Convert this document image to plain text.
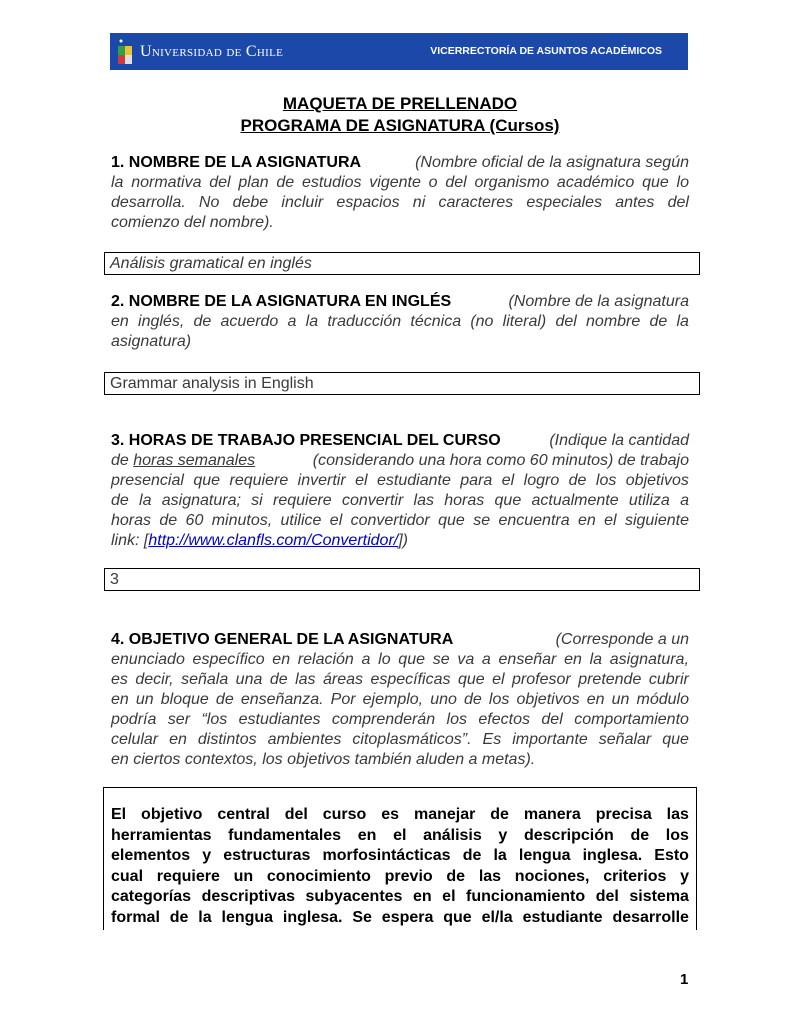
Universidad de Chile	VICERRECTORÍA DE ASUNTOS ACADÉMICOS
MAQUETA DE PRELLENADO
PROGRAMA DE ASIGNATURA (Cursos)
1. NOMBRE DE LA ASIGNATURA	(Nombre oficial de la asignatura según
la normativa del plan de estudios vigente o del organismo académico que lo
desarrolla. No debe incluir espacios ni caracteres especiales antes del
comienzo del nombre).
Análisis gramatical en inglés
2. NOMBRE DE LA ASIGNATURA EN INGLÉS	(Nombre de la asignatura
en inglés, de acuerdo a la traducción técnica (no literal) del nombre de la
asignatura)
Grammar analysis in English
3. HORAS DE TRABAJO PRESENCIAL DEL CURSO	(Indique la cantidad
de horas semanales	(considerando una hora como 60 minutos) de trabajo
presencial que requiere invertir el estudiante para el logro de los objetivos
de la asignatura; si requiere convertir las horas que actualmente utiliza a
horas de 60 minutos, utilice el convertidor que se encuentra en el siguiente
link: [ http://www.clanfls.com/Convertidor/ ])
3
4. OBJETIVO GENERAL DE LA ASIGNATURA	(Corresponde a un
enunciado específico en relación a lo que se va a enseñar en la asignatura,
es decir, señala una de las áreas específicas que el profesor pretende cubrir
en un bloque de enseñanza. Por ejemplo, uno de los objetivos en un módulo
podría ser “los estudiantes comprenderán los efectos del comportamiento
celular en distintos ambientes citoplasmáticos”. Es importante señalar que
en ciertos contextos, los objetivos también aluden a metas).
El objetivo central del curso es manejar de manera precisa las
herramientas fundamentales en el análisis y descripción de los
elementos y estructuras morfosintácticas de la lengua inglesa. Esto
cual requiere un conocimiento previo de las nociones, criterios y
categorías descriptivas subyacentes en el funcionamiento del sistema
formal de la lengua inglesa. Se espera que el/la estudiante desarrolle
1
